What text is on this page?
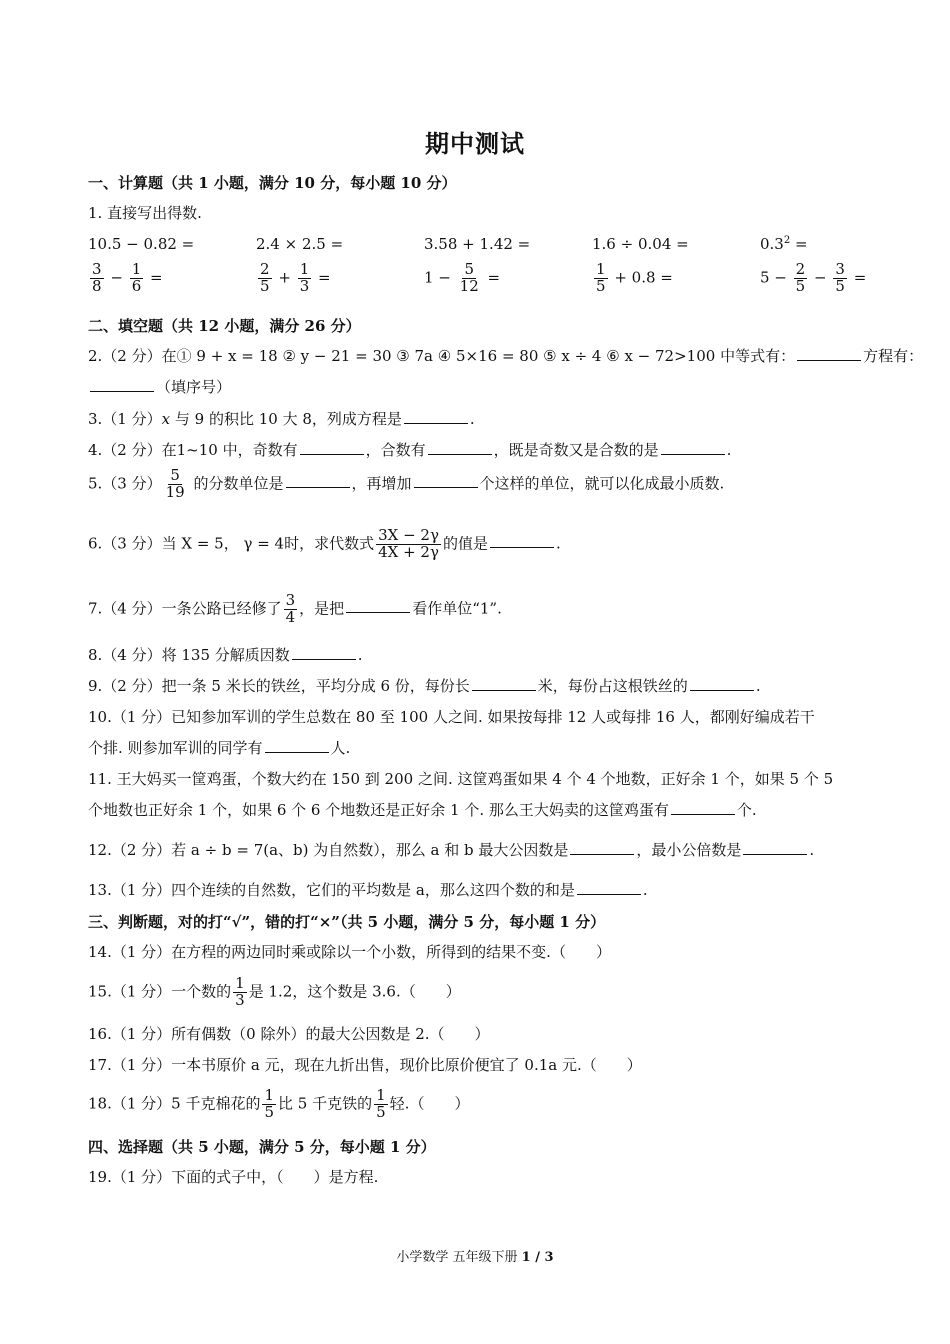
期中测试
一、计算题（共 1 小题，满分 10 分，每小题 10 分）
1. 直接写出得数.
10.5 − 0.82 =	2.4 × 2.5 =	3.58 + 1.42 =	1.6 ÷ 0.04 =	$0.3^2$ =
$\frac{3}{8} - \frac{1}{6}$ =	$\frac{2}{5} + \frac{1}{3}$ =	$1 - \frac{5}{12}$ =	$\frac{1}{5} + 0.8$ =	$5 - \frac{2}{5} - \frac{3}{5}$ =
二、填空题（共 12 小题，满分 26 分）
2.（2 分）在① 9 + x = 18 ② y − 21 = 30 ③ 7a ④ 5×16 = 80 ⑤ x ÷ 4 ⑥ x − 72>100 中等式有：	方程有：
（填序号）
3.（1 分）x 与 9 的积比 10 大 8，列成方程是	.
4.（2 分）在1~10 中，奇数有	，合数有	，既是奇数又是合数的是	.
5.（3 分） $\frac{5}{19}$ 的分数单位是	，再增加	个这样的单位，就可以化成最小质数.
6.（3 分）当 X = 5， γ = 4时，求代数式 $\frac{3X - 2\gamma}{4X + 2\gamma}$ 的值是	.
7.（4 分）一条公路已经修了 $\frac{3}{4}$ ，是把	看作单位“1”.
8.（4 分）将 135 分解质因数	.
9.（2 分）把一条 5 米长的铁丝，平均分成 6 份，每份长	米，每份占这根铁丝的	.
10.（1 分）已知参加军训的学生总数在 80 至 100 人之间. 如果按每排 12 人或每排 16 人，都刚好编成若干
个排. 则参加军训的同学有	人.
11. 王大妈买一筐鸡蛋，个数大约在 150 到 200 之间. 这筐鸡蛋如果 4 个 4 个地数，正好余 1 个，如果 5 个 5
个地数也正好余 1 个，如果 6 个 6 个地数还是正好余 1 个. 那么王大妈卖的这筐鸡蛋有	个.
12.（2 分）若 a ÷ b = 7(a、b) 为自然数），那么 a 和 b 最大公因数是	，最小公倍数是	.
13.（1 分）四个连续的自然数，它们的平均数是 a，那么这四个数的和是	.
三、判断题，对的打“√”，错的打“×”（共 5 小题，满分 5 分，每小题 1 分）
14.（1 分）在方程的两边同时乘或除以一个小数，所得到的结果不变.（　　）
15.（1 分）一个数的 $\frac{1}{3}$ 是 1.2，这个数是 3.6.（　　）
16.（1 分）所有偶数（0 除外）的最大公因数是 2.（　　）
17.（1 分）一本书原价 a 元，现在九折出售，现价比原价便宜了 0.1a 元.（　　）
18.（1 分）5 千克棉花的 $\frac{1}{5}$ 比 5 千克铁的 $\frac{1}{5}$ 轻.（　　）
四、选择题（共 5 小题，满分 5 分，每小题 1 分）
19.（1 分）下面的式子中，（　　）是方程.
小学数学 五年级下册 1 / 3
